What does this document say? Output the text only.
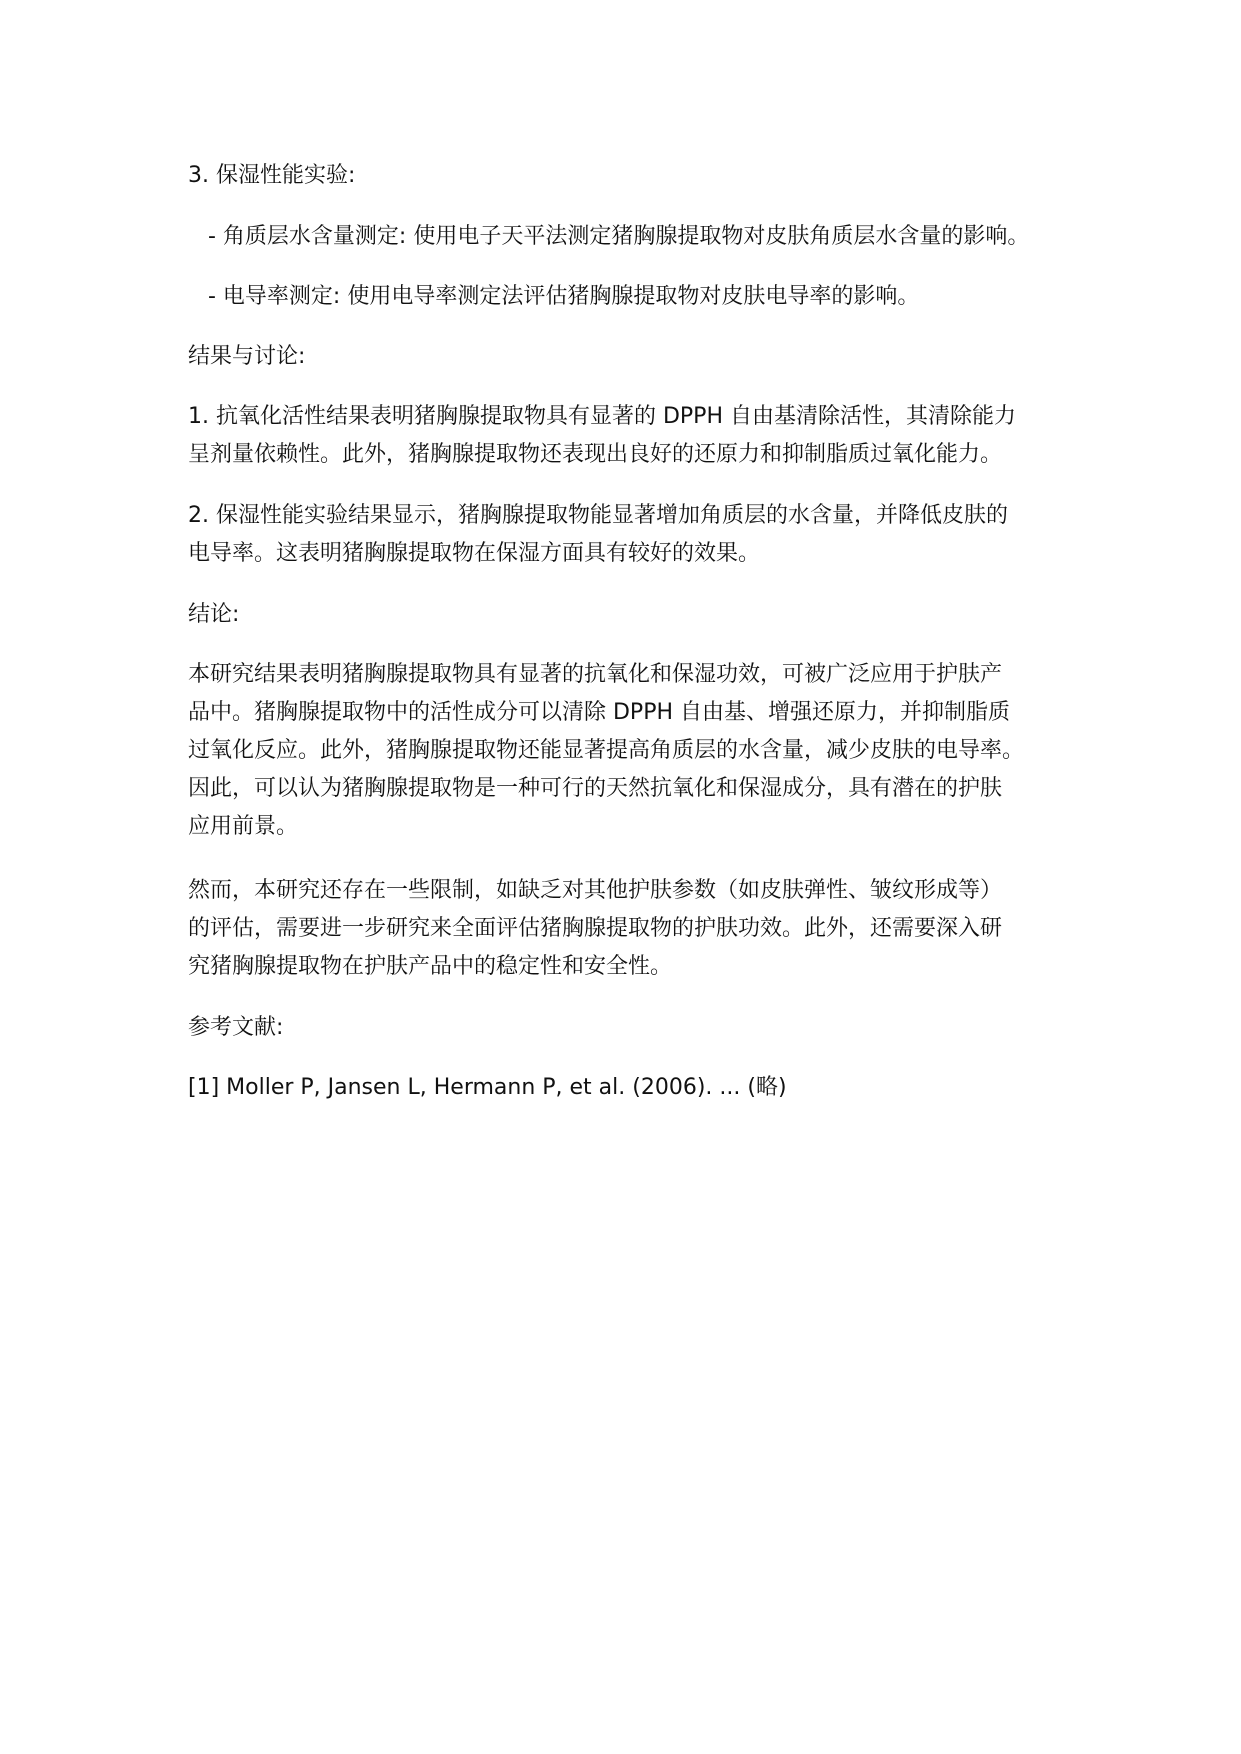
3. 保湿性能实验:

- 角质层水含量测定: 使用电子天平法测定猪胸腺提取物对皮肤角质层水含量的影响。

- 电导率测定: 使用电导率测定法评估猪胸腺提取物对皮肤电导率的影响。

结果与讨论:

1. 抗氧化活性结果表明猪胸腺提取物具有显著的 DPPH 自由基清除活性，其清除能力
呈剂量依赖性。此外，猪胸腺提取物还表现出良好的还原力和抑制脂质过氧化能力。

2. 保湿性能实验结果显示，猪胸腺提取物能显著增加角质层的水含量，并降低皮肤的
电导率。这表明猪胸腺提取物在保湿方面具有较好的效果。

结论:

本研究结果表明猪胸腺提取物具有显著的抗氧化和保湿功效，可被广泛应用于护肤产
品中。猪胸腺提取物中的活性成分可以清除 DPPH 自由基、增强还原力，并抑制脂质
过氧化反应。此外，猪胸腺提取物还能显著提高角质层的水含量，减少皮肤的电导率。
因此，可以认为猪胸腺提取物是一种可行的天然抗氧化和保湿成分，具有潜在的护肤
应用前景。

然而，本研究还存在一些限制，如缺乏对其他护肤参数（如皮肤弹性、皱纹形成等）
的评估，需要进一步研究来全面评估猪胸腺提取物的护肤功效。此外，还需要深入研
究猪胸腺提取物在护肤产品中的稳定性和安全性。

参考文献:

[1] Moller P, Jansen L, Hermann P, et al. (2006). ... (略)
